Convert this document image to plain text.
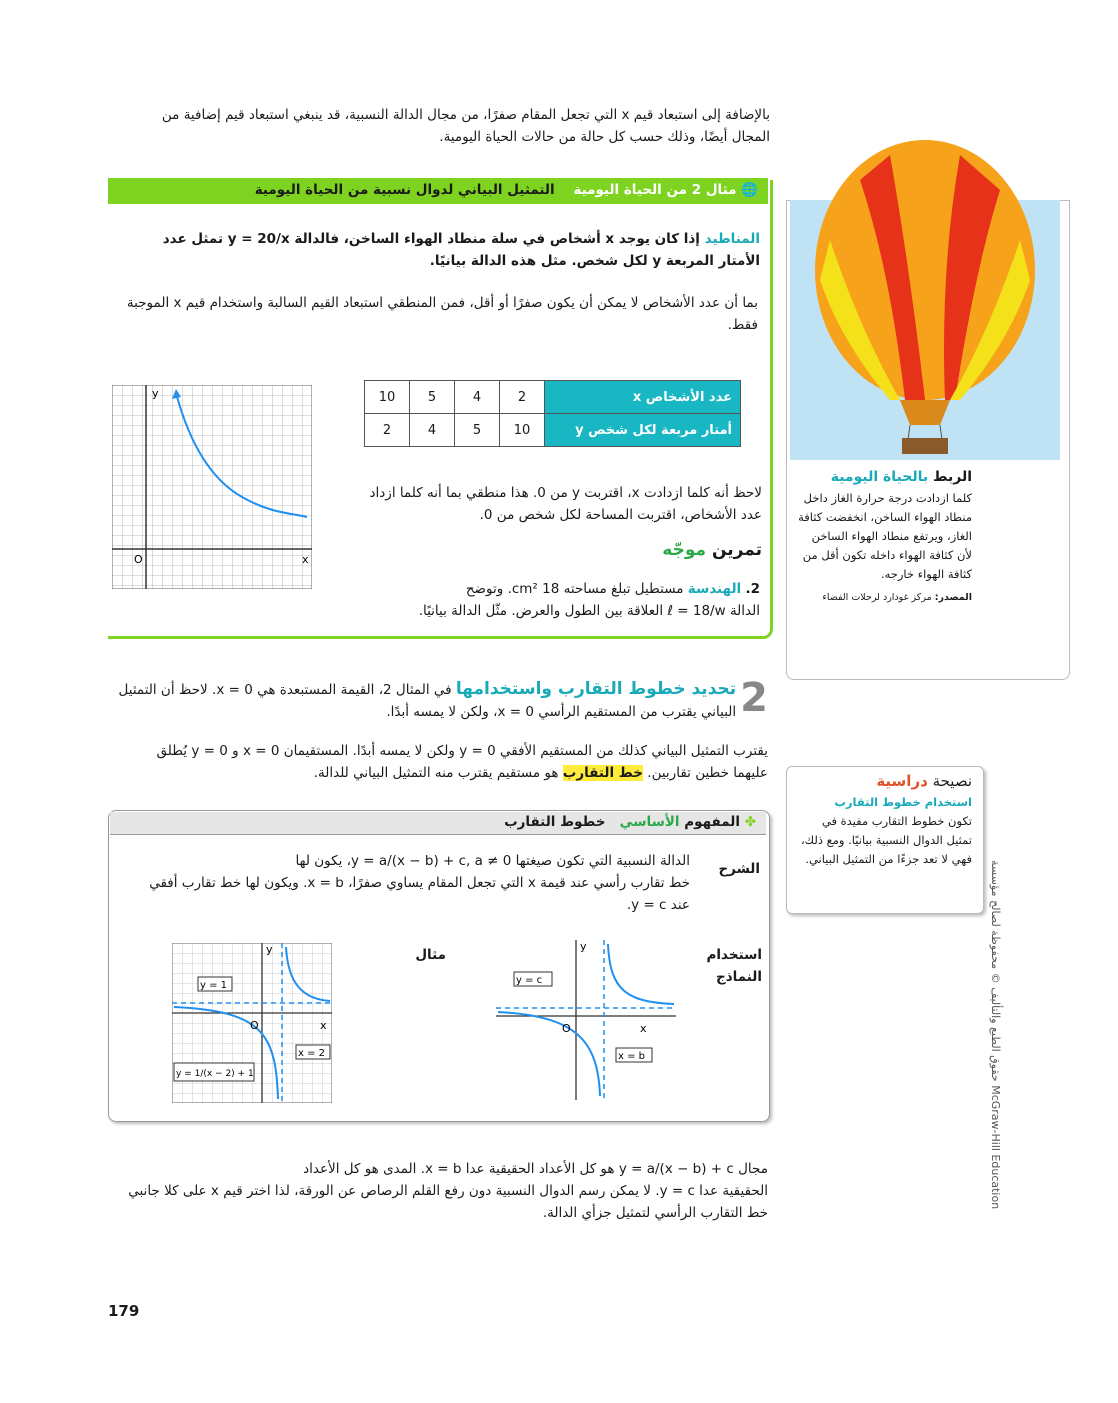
بالإضافة إلى استبعاد قيم x التي تجعل المقام صفرًا، من مجال الدالة النسبية، قد ينبغي استبعاد قيم إضافية من المجال أيضًا، وذلك حسب كل حالة من حالات الحياة اليومية.
🌐 مثال 2 من الحياة اليومية    التمثيل البياني لدوال نسبية من الحياة اليومية
المناطيد إذا كان يوجد x أشخاص في سلة منطاد الهواء الساخن، فالدالة y = 20/x تمثل عدد الأمتار المربعة y لكل شخص. مثل هذه الدالة بيانيًا.
بما أن عدد الأشخاص لا يمكن أن يكون صفرًا أو أقل، فمن المنطقي استبعاد القيم السالبة واستخدام قيم x الموجبة فقط.
10	5	4	2	عدد الأشخاص x
2	4	5	10	أمتار مربعة لكل شخص y
y
x
O
لاحظ أنه كلما ازدادت x، اقتربت y من 0. هذا منطقي بما أنه كلما ازداد عدد الأشخاص، اقتربت المساحة لكل شخص من 0.
تمرين موجّه
2. الهندسة مستطيل تبلغ مساحته 18 cm². وتوضح
الدالة ℓ = 18/w العلاقة بين الطول والعرض. مثّل الدالة بيانيًا.
2
تحديد خطوط التقارب واستخدامها في المثال 2، القيمة المستبعدة هي x = 0. لاحظ أن التمثيل البياني يقترب من المستقيم الرأسي x = 0، ولكن لا يمسه أبدًا.
يقترب التمثيل البياني كذلك من المستقيم الأفقي y = 0 ولكن لا يمسه أبدًا. المستقيمان x = 0 و y = 0 يُطلق عليهما خطين تقاربين. خط التقارب هو مستقيم يقترب منه التمثيل البياني للدالة.
✤ المفهوم الأساسي   خطوط التقارب
الشرح
الدالة النسبية التي تكون صيغتها y = a/(x − b) + c, a ≠ 0، يكون لها
خط تقارب رأسي عند قيمة x التي تجعل المقام يساوي صفرًا، x = b. ويكون لها خط تقارب أفقي عند y = c.
استخدام النماذج
مثال
y = c
x = b
x
y
O
y = 1
x = 2
y = 1/(x − 2) + 1
x
y
O
مجال y = a/(x − b) + c هو كل الأعداد الحقيقية عدا x = b. المدى هو كل الأعداد
الحقيقية عدا y = c. لا يمكن رسم الدوال النسبية دون رفع القلم الرصاص عن الورقة، لذا اختر قيم x على كلا جانبي خط التقارب الرأسي لتمثيل جزأي الدالة.
179
الربط بالحياة اليومية
كلما ازدادت درجة حرارة الغاز داخل منطاد الهواء الساخن، انخفضت كثافة الغاز، ويرتفع منطاد الهواء الساخن لأن كثافة الهواء داخله تكون أقل من كثافة الهواء خارجه.
المصدر: مركز غودارد لرحلات الفضاء
نصيحة دراسية
استخدام خطوط التقارب
تكون خطوط التقارب مفيدة في تمثيل الدوال النسبية بيانيًا. ومع ذلك، فهي لا تعد جزءًا من التمثيل البياني.
حقوق الطبع والتأليف © محفوظة لصالح مؤسسة McGraw-Hill Education
